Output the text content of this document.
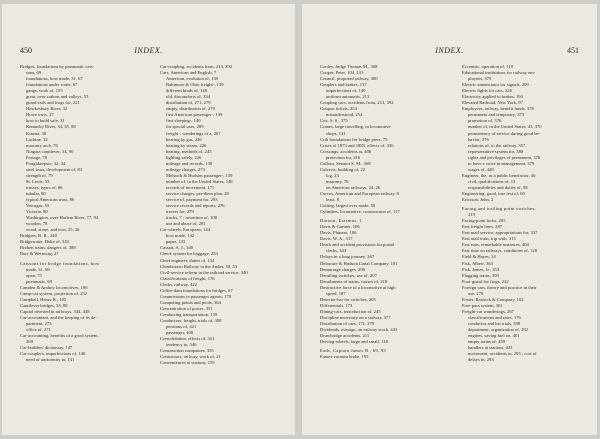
450	INDEX.
Bridges, foundations by pneumatic cais-
sons, 69
foundations, how made, 31, 67
foundations under water, 67
gangs, work of, 155
great, over cañons and valleys, 55
guard-rails and frogs for, 221
Hawkesbury River, 32
Howe truss, 27
how to build safe, 31
Kentucky River, 34, 35, 88
Kinzua, 30
Lachine, 32
masonry arch, 76
Niagara cantilever, 34, 90
Portage, 78
Poughkeepsie, 32, 34
steel truss, development of, 83
strength of, 79
St. Louis, 53
trusses, types of, 86
tubular, 80
typical American truss, 86
Verrugas, 55
Victoria, 80
Washington, over Harlem River, 77, 94
wooden, 78
wood, stone, and iron, 25, 26
Bridgers, R. R., 340
Bridgewater, Duke of, 343
Broken trains, dangers of, 388
Burr & Wernwag, 27
Caissons for bridge foundations, how
made, 31, 69
open, 75
pneumatic, 69
Camden & Amboy locomotives, 106
Camp-car system, projection of, 232
Campbell, Henry R., 105
Cantilever bridges, 33, 88
Capital invested in railways, 344, 448
Car-accountant, and the keeping of its de-
partment, 273
office of, 271
Car-accounting, benefits of a good system,
269
Car-builders' dictionary, 147
Car-couplers, imperfections of, 140
need of uniformity in, 141
Car-coupling, accidents from, 213, 392
Cars, American and English, 7
American, evolution of, 139
Baltimore & Ohio freight-, 139
different kinds of, 148
old, discomforts of, 234
distribution of, 271, 279
empty, distribution of, 279
first American passenger-, 139
first sleeping-, 140
for special uses, 289
freight-, wanderings of a, 267
heating by gas, 226
heating by steam, 226
heating, methods of, 245
lighting safely, 226
mileage and records, 138
mileage charges, 273
Mohawk & Hudson passenger-, 139
number of, in the United States, 148
records of movement, 171
service charges, per-diem plan, 29
service of, payment for, 293
service records and reports, 276
tracers for, 279
trucks, 7 ; invention of, 108
use and abuse of, 281
Car-wheels, European, 144
how made, 142
paper, 143
Cassatt, A. J., 340
Check system for baggage, 253
Chief engineer, duties of, 154
Chimborazo Railway in the Andes, 50, 53
Civil-service reform in the railroad service, 340
Classifications of freight, 176
Clerks, railway, 422
Coffee-dam foundations for bridges, 67
Commissions to passenger agents, 179
Competing points and pools, 364
Concentration of power, 351
Conducting transportation, 159
Conductors, freight, trials of, 308
pensions of, 421
passenger, 408
Consolidation, effects of, 331
tendency to, 346
Construction companies, 355
Contractors, railway, work of, 21
Conveniences at stations, 159
INDEX.	451
Cooley, Judge Thomas M., 368
Cooper, Peter, 104, 131
Council, proposed railway, 380
Couplers and brakes, 137
imperfections of, 140
uniform automatic, 213
Coupling cars, accidents from, 213, 392
Coupon tickets, 254
misunderstood, 254
Cox, S. S., 375
Cranes, large travelling, in locomotive
shops, 131
Crib foundations for bridge piers, 75
Crises of 1873 and 1883, effects of, 336
Crossings, accidents at, 406
protection for, 216
Cullom, Senator S. M., 368
Culverts, building of, 22
log, 23
masonry, 76
on American railways, 24, 26
Curves, American and European railway, 8
least, 8
Cutting, largest ever made, 50
Cylinders, locomotive, construction of, 117
Darwin, Erasmus, 1
Davis & Gartner, 106
Davis, Phineas, 106
Davis, W. A., 317
Death and accident provisions for postal
clerks, 343
Delays in a long journey, 267
Delaware & Hudson Canal Company, 101
Demurrage charges, 296
Derailing switches, use of, 207
Derailments of trains, causes of, 218
Destructive force of a locomotive at high
speed, 187
Detector-bar for switches, 205
Differentials, 173
Dining-cars, introduction of, 245
Discipline necessary on a railway, 377
Distribution of cars, 171, 279
Dividends, average, on railway stock, 443
Drawbridge accidents, 211
Driving-wheels, large and small, 118
Eads, Captain James B., 69, 93
Eames vacuum brake, 195
Eccentric, operation of, 118
Educational institutions for railway em-
ployees, 379
Electric annunciator for signals, 209
Electric lights for cars, 226
Electricity applied to brakes, 194
Elevated Railroad, New York, 97
Employees, railway, benefit funds, 378
permanent and temporary, 373
promotion of, 376
number of, in the United States, 43, 370
permanency of service during good be-
havior, 376
relations of, to the railway, 357
representative system for, 380
rights and privileges of permanent, 376
to have a voice in management, 379
wages of, 448
Engineer, the, as a public benefactor, 46
civil, qualifications of, 13
responsibilities and duties of, 58
Engineering, good, true test of, 60
Ericsson, John, 2
Facing and trailing point switches,
219
Facing-point locks, 205
Fast freight lines, 287
Fast mail service, appropriations for, 337
Fast mail train, trip with, 313
Fast runs, remarkable instances, 404
Fast time on railways, conditions of, 128
Field & Hayes, 34
Fisk, Albert, 363
Fisk, James, Jr., 353
Flagging trains, 390
Foot-guard for frogs, 222
Foreign cars, theory and practice in their
use, 279
Foster, Rastrick & Company, 102
Free-pass system, 361
Freight-car wanderings, 267
classifications and rates, 176
conductor and his trials, 398
department, organization of, 282
engines, saving fuel on, 401
empty trains of, 439
handlers at stations, 423
movement, accidents in, 293 ; cost of
delays in, 293
